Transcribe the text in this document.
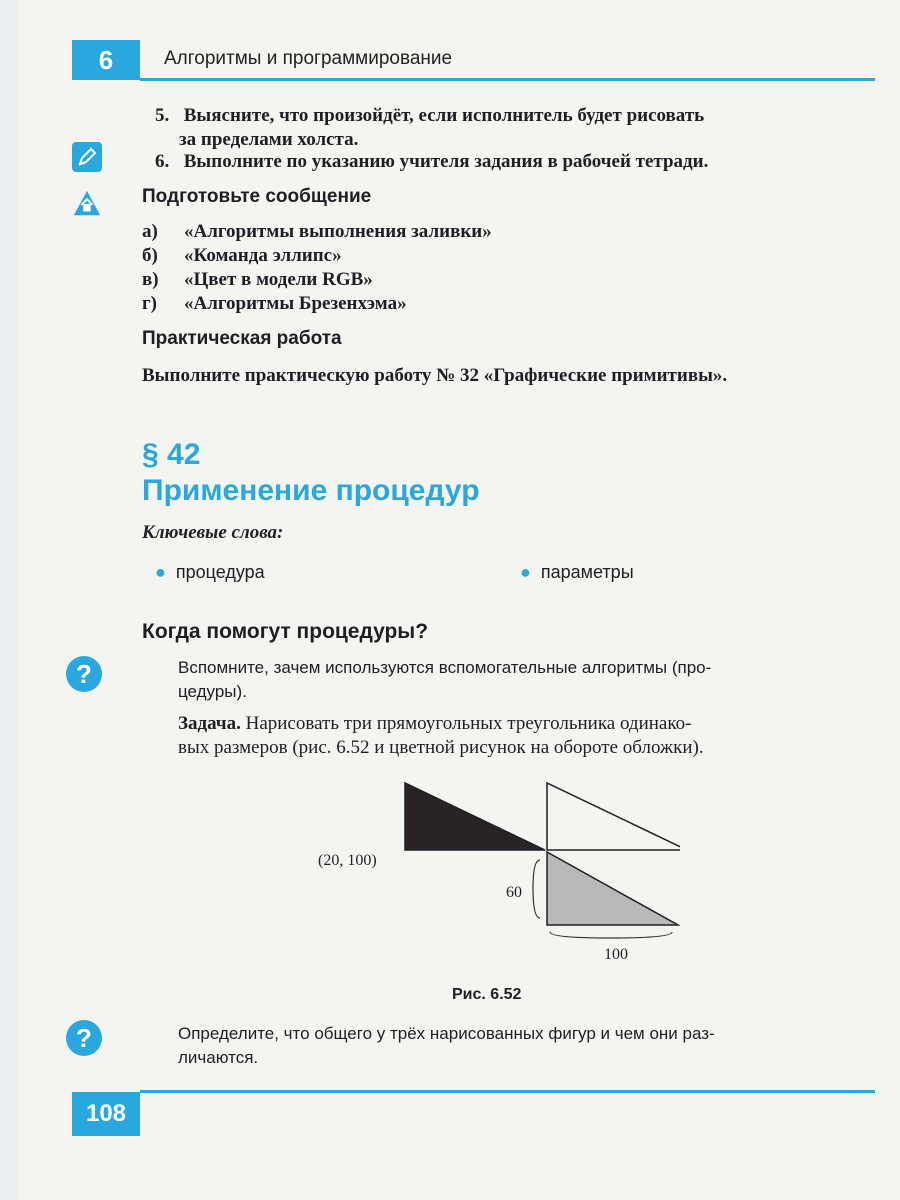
6	Алгоритмы и программирование
5. Выясните, что произойдёт, если исполнитель будет рисовать
за пределами холста.
6. Выполните по указанию учителя задания в рабочей тетради.
Подготовьте сообщение
а) «Алгоритмы выполнения заливки»
б) «Команда эллипс»
в) «Цвет в модели RGB»
г) «Алгоритмы Брезенхэма»
Практическая работа
Выполните практическую работу № 32 «Графические примитивы».
§ 42
Применение процедур
Ключевые слова:
● процедура	● параметры
Когда помогут процедуры?
?	Вспомните, зачем используются вспомогательные алгоритмы (про-
цедуры).
Задача. Нарисовать три прямоугольных треугольника одинако-
вых размеров (рис. 6.52 и цветной рисунок на обороте обложки).
(20, 100)
60
100
Рис. 6.52
?	Определите, что общего у трёх нарисованных фигур и чем они раз-
личаются.
108
